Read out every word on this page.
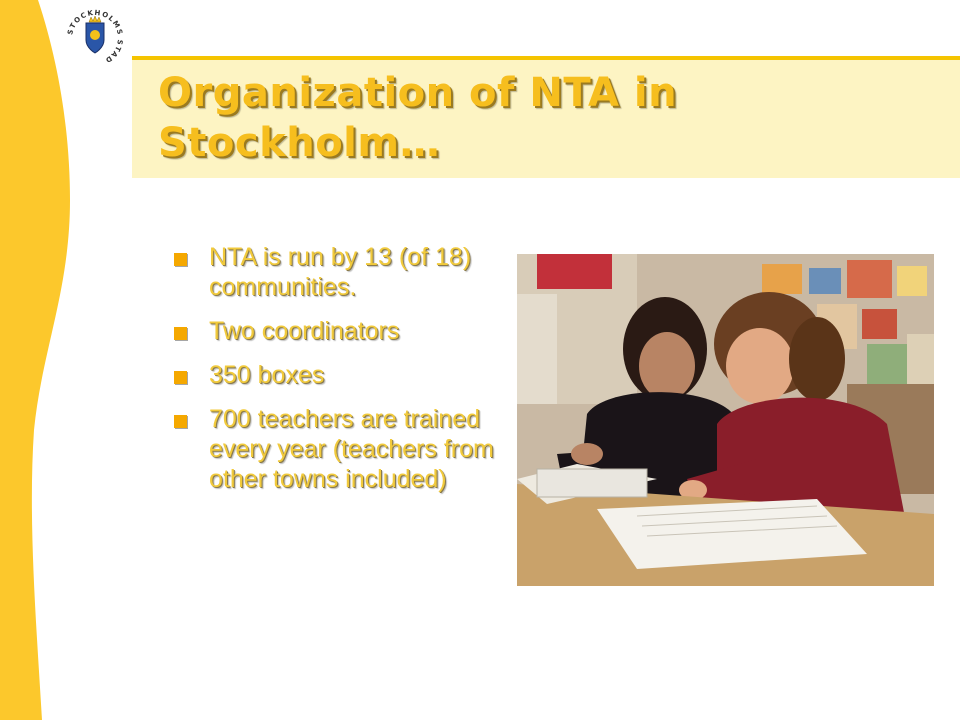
STOCKHOLMS STAD
Organization of NTA in Stockholm…
NTA is run by 13 (of 18) communities.
Two coordinators
350 boxes
700 teachers are trained every year (teachers from other towns included)
